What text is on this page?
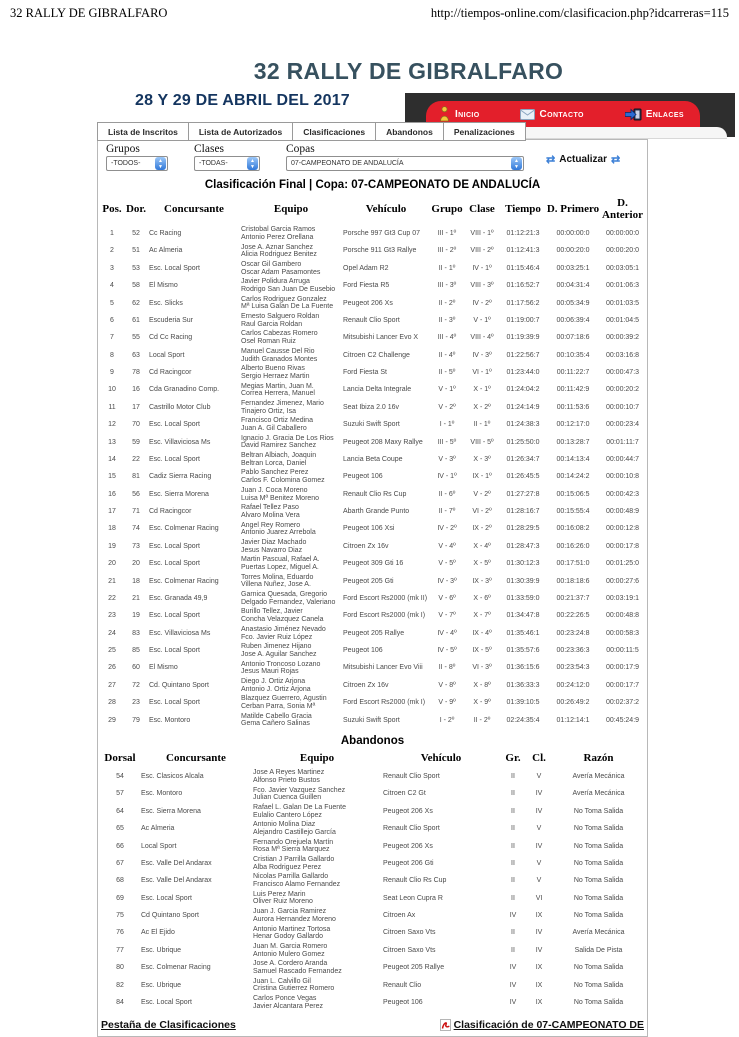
32 RALLY DE GIBRALFARO	http://tiempos-online.com/clasificacion.php?idcarreras=115
32 RALLY DE GIBRALFARO
28 Y 29 DE ABRIL DEL 2017
Inicio	Contacto	Enlaces
Lista de Inscritos	Lista de Autorizados	Clasificaciones	Abandonos	Penalizaciones
Grupos
-TODOS-	▲
▼
Clases
-TODAS-	▲
▼
Copas
07-CAMPEONATO DE ANDALUCÍA	▲
▼
⇄ Actualizar ⇄
Clasificación Final | Copa: 07-CAMPEONATO DE ANDALUCÍA
Pos.	Dor.	Concursante	Equipo	Vehículo	Grupo	Clase	Tiempo	D. Primero	D. Anterior
1	52	Cc Racing	Cristobal Garcia Ramos
Antonio Perez Orellana	Porsche 997 Gt3 Cup 07	III - 1º	VIII - 1º	01:12:21:3	00:00:00:0	00:00:00:0
2	51	Ac Almeria	Jose A. Aznar Sanchez
Alicia Rodriguez Benitez	Porsche 911 Gt3 Rallye	III - 2º	VIII - 2º	01:12:41:3	00:00:20:0	00:00:20:0
3	53	Esc. Local Sport	Oscar Gil Gambero
Oscar Adam Pasamontes	Opel Adam R2	II - 1º	IV - 1º	01:15:46:4	00:03:25:1	00:03:05:1
4	58	El Mismo	Javier Polidura Arruga
Rodrigo San Juan De Eusebio	Ford Fiesta R5	III - 3º	VIII - 3º	01:16:52:7	00:04:31:4	00:01:06:3
5	62	Esc. Slicks	Carlos Rodriguez Gonzalez
Mª Luisa Galan De La Fuente	Peugeot 206 Xs	II - 2º	IV - 2º	01:17:56:2	00:05:34:9	00:01:03:5
6	61	Escuderia Sur	Ernesto Salguero Roldan
Raul Garcia Roldan	Renault Clio Sport	II - 3º	V - 1º	01:19:00:7	00:06:39:4	00:01:04:5
7	55	Cd Cc Racing	Carlos Cabezas Romero
Osel Roman Ruiz	Mitsubishi Lancer Evo X	III - 4º	VIII - 4º	01:19:39:9	00:07:18:6	00:00:39:2
8	63	Local Sport	Manuel Causse Del Rio
Judith Granados Montes	Citroen C2 Challenge	II - 4º	IV - 3º	01:22:56:7	00:10:35:4	00:03:16:8
9	78	Cd Racingcor	Alberto Bueno Rivas
Sergio Herraez Martin	Ford Fiesta St	II - 5º	VI - 1º	01:23:44:0	00:11:22:7	00:00:47:3
10	16	Cda Granadino Comp.	Megias Martin, Juan M.
Correa Herrera, Manuel	Lancia Delta Integrale	V - 1º	X - 1º	01:24:04:2	00:11:42:9	00:00:20:2
11	17	Castrillo Motor Club	Fernandez Jimenez, Mario
Tinajero Ortiz, Isa	Seat Ibiza 2.0 16v	V - 2º	X - 2º	01:24:14:9	00:11:53:6	00:00:10:7
12	70	Esc. Local Sport	Francisco Ortiz Medina
Juan A. Gil Caballero	Suzuki Swift Sport	I - 1º	II - 1º	01:24:38:3	00:12:17:0	00:00:23:4
13	59	Esc. Villaviciosa Ms	Ignacio J. Gracia De Los Rios
David Ramirez Sanchez	Peugeot 208 Maxy Rallye	III - 5º	VIII - 5º	01:25:50:0	00:13:28:7	00:01:11:7
14	22	Esc. Local Sport	Beltran Albiach, Joaquin
Beltran Lorca, Daniel	Lancia Beta Coupe	V - 3º	X - 3º	01:26:34:7	00:14:13:4	00:00:44:7
15	81	Cadiz Sierra Racing	Pablo Sanchez Perez
Carlos F. Colomina Gomez	Peugeot 106	IV - 1º	IX - 1º	01:26:45:5	00:14:24:2	00:00:10:8
16	56	Esc. Sierra Morena	Juan J. Coca Moreno
Luisa Mª Benitez Moreno	Renault Clio Rs Cup	II - 6º	V - 2º	01:27:27:8	00:15:06:5	00:00:42:3
17	71	Cd Racingcor	Rafael Tellez Paso
Alvaro Molina Vera	Abarth Grande Punto	II - 7º	VI - 2º	01:28:16:7	00:15:55:4	00:00:48:9
18	74	Esc. Colmenar Racing	Angel Rey Romero
Antonio Juarez Arrebola	Peugeot 106 Xsi	IV - 2º	IX - 2º	01:28:29:5	00:16:08:2	00:00:12:8
19	73	Esc. Local Sport	Javier Diaz Machado
Jesus Navarro Diaz	Citroen Zx 16v	V - 4º	X - 4º	01:28:47:3	00:16:26:0	00:00:17:8
20	20	Esc. Local Sport	Martin Pascual, Rafael A.
Puertas Lopez, Miguel A.	Peugeot 309 Gti 16	V - 5º	X - 5º	01:30:12:3	00:17:51:0	00:01:25:0
21	18	Esc. Colmenar Racing	Torres Molina, Eduardo
Villena Nuñez, Jose A.	Peugeot 205 Gti	IV - 3º	IX - 3º	01:30:39:9	00:18:18:6	00:00:27:6
22	21	Esc. Granada 49,9	Garnica Quesada, Gregorio
Delgado Fernandez, Valeriano	Ford Escort Rs2000 (mk II)	V - 6º	X - 6º	01:33:59:0	00:21:37:7	00:03:19:1
23	19	Esc. Local Sport	Burillo Tellez, Javier
Concha Velazquez Canela	Ford Escort Rs2000 (mk I)	V - 7º	X - 7º	01:34:47:8	00:22:26:5	00:00:48:8
24	83	Esc. Villaviciosa Ms	Anastasio Jiménez Nevado
Fco. Javier Ruiz López	Peugeot 205 Rallye	IV - 4º	IX - 4º	01:35:46:1	00:23:24:8	00:00:58:3
25	85	Esc. Local Sport	Ruben Jimenez Hijano
Jose A. Aguilar Sanchez	Peugeot 106	IV - 5º	IX - 5º	01:35:57:6	00:23:36:3	00:00:11:5
26	60	El Mismo	Antonio Troncoso Lozano
Jesus Mauri Rojas	Mitsubishi Lancer Evo Viii	II - 8º	VI - 3º	01:36:15:6	00:23:54:3	00:00:17:9
27	72	Cd. Quintano Sport	Diego J. Ortiz Arjona
Antonio J. Ortiz Arjona	Citroen Zx 16v	V - 8º	X - 8º	01:36:33:3	00:24:12:0	00:00:17:7
28	23	Esc. Local Sport	Blazquez Guerrero, Agustin
Cerban Parra, Sonia Mª	Ford Escort Rs2000 (mk I)	V - 9º	X - 9º	01:39:10:5	00:26:49:2	00:02:37:2
29	79	Esc. Montoro	Matilde Cabello Gracia
Gema Cañero Salinas	Suzuki Swift Sport	I - 2º	II - 2º	02:24:35:4	01:12:14:1	00:45:24:9
Abandonos
Dorsal	Concursante	Equipo	Vehículo	Gr.	Cl.	Razón
54	Esc. Clasicos Alcala	Jose A Reyes Martinez
Alfonso Prieto Bustos	Renault Clio Sport	II	V	Avería Mecánica
57	Esc. Montoro	Fco. Javier Vazquez Sanchez
Julian Cuenca Guillen	Citroen C2 Gt	II	IV	Avería Mecánica
64	Esc. Sierra Morena	Rafael L. Galan De La Fuente
Eulalio Cantero López	Peugeot 206 Xs	II	IV	No Toma Salida
65	Ac Almeria	Antonio Molina Diaz
Alejandro Castillejo García	Renault Clio Sport	II	V	No Toma Salida
66	Local Sport	Fernando Orejuela Martín
Rosa Mª Sierra Marquez	Peugeot 206 Xs	II	IV	No Toma Salida
67	Esc. Valle Del Andarax	Cristian J Parrilla Gallardo
Alba Rodriguez Perez	Peugeot 206 Gti	II	V	No Toma Salida
68	Esc. Valle Del Andarax	Nicolas Parrilla Gallardo
Francisco Alamo Fernandez	Renault Clio Rs Cup	II	V	No Toma Salida
69	Esc. Local Sport	Luis Perez Marin
Oliver Ruiz Moreno	Seat Leon Cupra R	II	VI	No Toma Salida
75	Cd Quintano Sport	Juan J. Garcia Ramirez
Aurora Hernandez Moreno	Citroen Ax	IV	IX	No Toma Salida
76	Ac El Ejido	Antonio Martinez Tortosa
Henar Godoy Gallardo	Citroen Saxo Vts	II	IV	Avería Mecánica
77	Esc. Ubrique	Juan M. Garcia Romero
Antonio Mulero Gomez	Citroen Saxo Vts	II	IV	Salida De Pista
80	Esc. Colmenar Racing	Jose A. Cordero Aranda
Samuel Rascado Fernandez	Peugeot 205 Rallye	IV	IX	No Toma Salida
82	Esc. Ubrique	Juan L. Calvillo Gil
Cristina Gutierrez Romero	Renault Clio	IV	IX	No Toma Salida
84	Esc. Local Sport	Carlos Ponce Vegas
Javier Alcantara Perez	Peugeot 106	IV	IX	No Toma Salida
Pestaña de Clasificaciones	Clasificación de 07-CAMPEONATO DE
